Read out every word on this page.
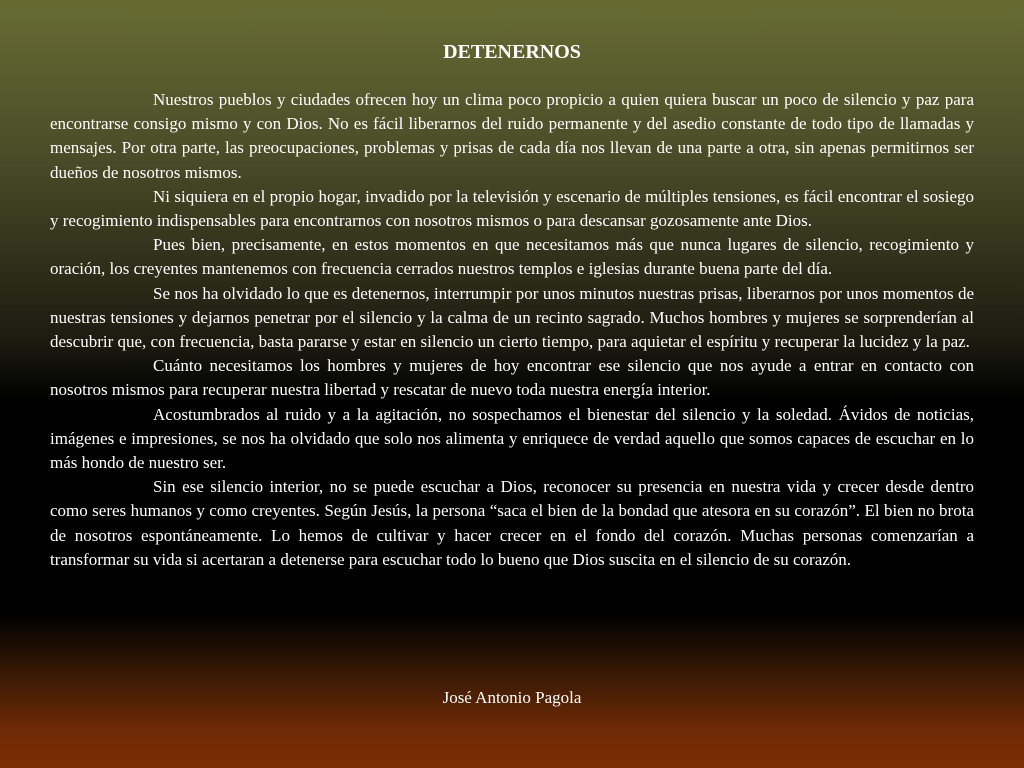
DETENERNOS

Nuestros pueblos y ciudades ofrecen hoy un clima poco propicio a quien quiera buscar un poco de silencio y paz para encontrarse consigo mismo y con Dios. No es fácil liberarnos del ruido permanente y del asedio constante de todo tipo de llamadas y mensajes. Por otra parte, las preocupaciones, problemas y prisas de cada día nos llevan de una parte a otra, sin apenas permitirnos ser dueños de nosotros mismos.

Ni siquiera en el propio hogar, invadido por la televisión y escenario de múltiples tensiones, es fácil encontrar el sosiego y recogimiento indispensables para encontrarnos con nosotros mismos o para descansar gozosamente ante Dios.

Pues bien, precisamente, en estos momentos en que necesitamos más que nunca lugares de silencio, recogimiento y oración, los creyentes mantenemos con frecuencia cerrados nuestros templos e iglesias durante buena parte del día.

Se nos ha olvidado lo que es detenernos, interrumpir por unos minutos nuestras prisas, liberarnos por unos momentos de nuestras tensiones y dejarnos penetrar por el silencio y la calma de un recinto sagrado. Muchos hombres y mujeres se sorprenderían al descubrir que, con frecuencia, basta pararse y estar en silencio un cierto tiempo, para aquietar el espíritu y recuperar la lucidez y la paz.

Cuánto necesitamos los hombres y mujeres de hoy encontrar ese silencio que nos ayude a entrar en contacto con nosotros mismos para recuperar nuestra libertad y rescatar de nuevo toda nuestra energía interior.

Acostumbrados al ruido y a la agitación, no sospechamos el bienestar del silencio y la soledad. Ávidos de noticias, imágenes e impresiones, se nos ha olvidado que solo nos alimenta y enriquece de verdad aquello que somos capaces de escuchar en lo más hondo de nuestro ser.

Sin ese silencio interior, no se puede escuchar a Dios, reconocer su presencia en nuestra vida y crecer desde dentro como seres humanos y como creyentes. Según Jesús, la persona “saca el bien de la bondad que atesora en su corazón”. El bien no brota de nosotros espontáneamente. Lo hemos de cultivar y hacer crecer en el fondo del corazón. Muchas personas comenzarían a transformar su vida si acertaran a detenerse para escuchar todo lo bueno que Dios suscita en el silencio de su corazón.

José Antonio Pagola
